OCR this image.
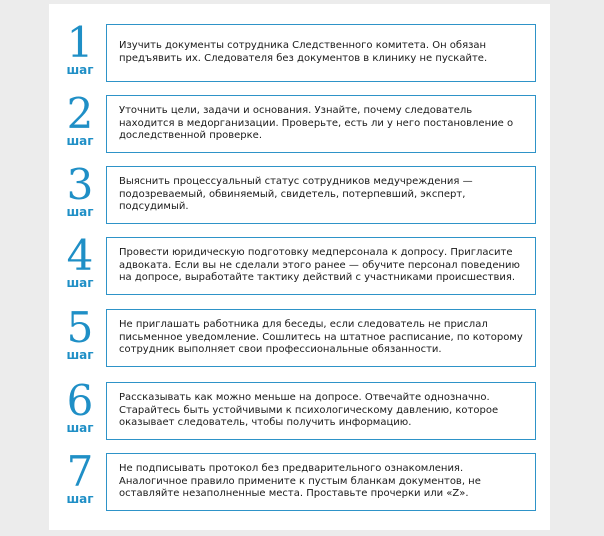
1
шаг
Изучить документы сотрудника Следственного комитета. Он обязан предъявить их. Следователя без документов в клинику не пускайте.
2
шаг
Уточнить цели, задачи и основания. Узнайте, почему следователь находится в медорганизации. Проверьте, есть ли у него постановление о доследственной проверке.
3
шаг
Выяснить процессуальный статус сотрудников медучреждения — подозреваемый, обвиняемый, свидетель, потерпевший, эксперт, подсудимый.
4
шаг
Провести юридическую подготовку медперсонала к допросу. Пригласите адвоката. Если вы не сделали этого ранее — обучите персонал поведению на допросе, выработайте тактику действий с участниками происшествия.
5
шаг
Не приглашать работника для беседы, если следователь не прислал письменное уведомление. Сошлитесь на штатное расписание, по которому сотрудник выполняет свои профессиональные обязанности.
6
шаг
Рассказывать как можно меньше на допросе. Отвечайте однозначно. Старайтесь быть устойчивыми к психологическому давлению, которое оказывает следователь, чтобы получить информацию.
7
шаг
Не подписывать протокол без предварительного ознакомления. Аналогичное правило примените к пустым бланкам документов, не оставляйте незаполненные места. Проставьте прочерки или «Z».
